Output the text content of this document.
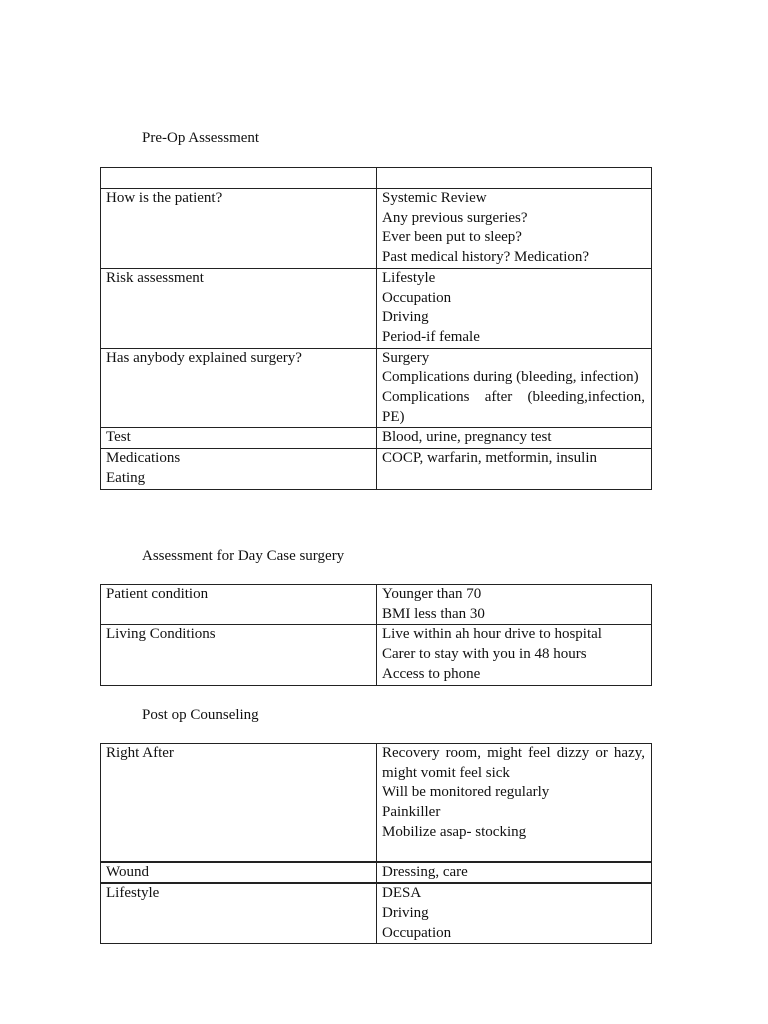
Pre-Op Assessment

How is the patient?	Systemic Review
Any previous surgeries?
Ever been put to sleep?
Past medical history? Medication?

Risk assessment	Lifestyle
Occupation
Driving
Period-if female

Has anybody explained surgery?	Surgery
Complications during (bleeding, infection)
Complications after (bleeding,infection, PE)

Test	Blood, urine, pregnancy test

Medications
Eating	COCP, warfarin, metformin, insulin

Assessment for Day Case surgery

Patient condition	Younger than 70
BMI less than 30

Living Conditions	Live within ah hour drive to hospital
Carer to stay with you in 48 hours
Access to phone

Post op Counseling

Right After	Recovery room, might feel dizzy or hazy, might vomit feel sick
Will be monitored regularly
Painkiller
Mobilize asap- stocking

Wound	Dressing, care

Lifestyle	DESA
Driving
Occupation
